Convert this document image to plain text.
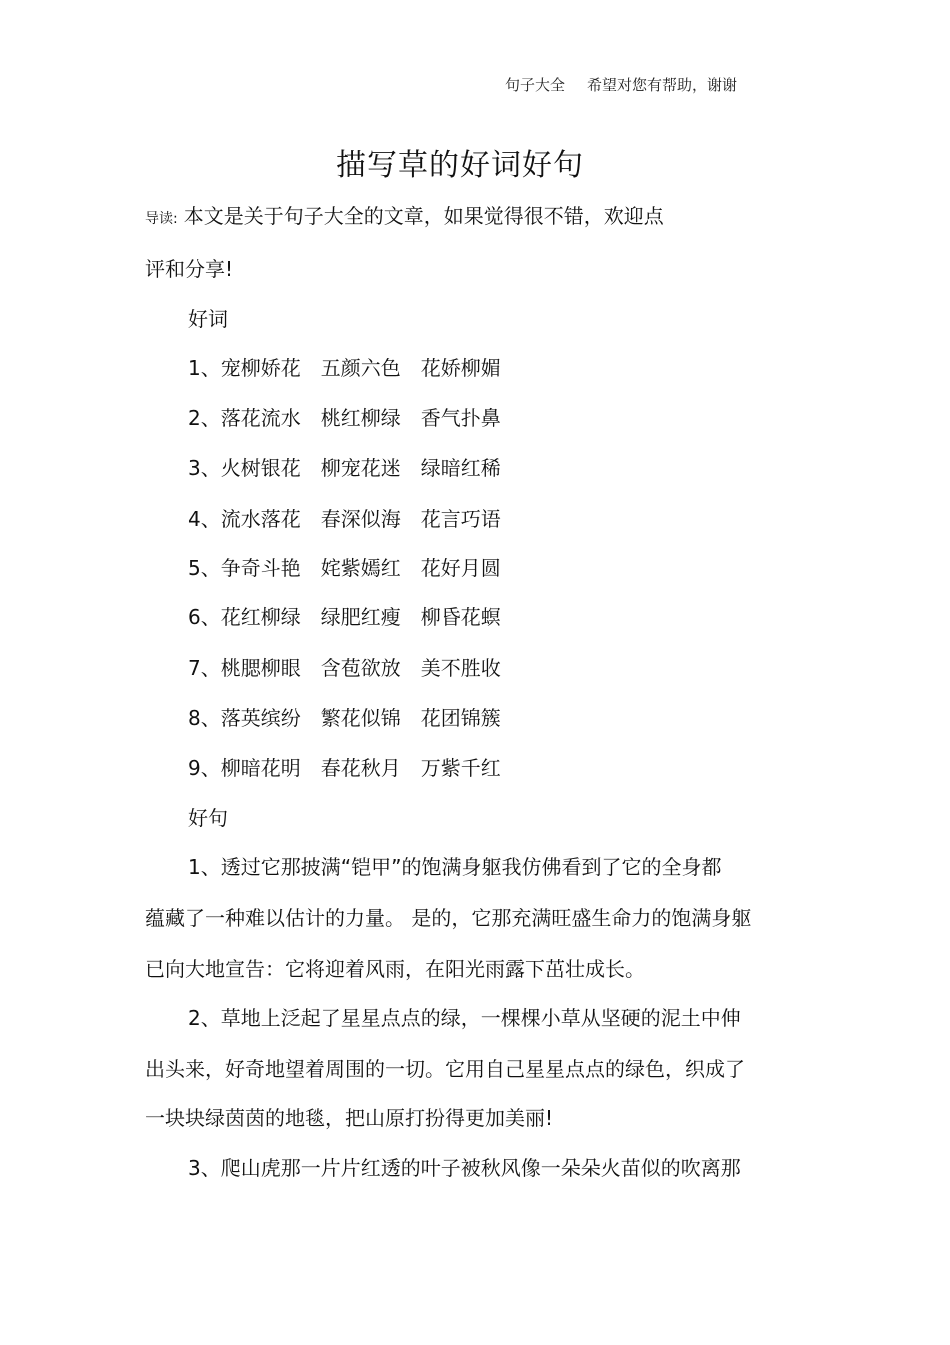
句子大全 希望对您有帮助，谢谢
描写草的好词好句
导读: 本文是关于句子大全的文章，如果觉得很不错，欢迎点
评和分享!
好词
1、宠柳娇花 五颜六色 花娇柳媚
2、落花流水 桃红柳绿 香气扑鼻
3、火树银花 柳宠花迷 绿暗红稀
4、流水落花 春深似海 花言巧语
5、争奇斗艳 姹紫嫣红 花好月圆
6、花红柳绿 绿肥红瘦 柳昏花螟
7、桃腮柳眼 含苞欲放 美不胜收
8、落英缤纷 繁花似锦 花团锦簇
9、柳暗花明 春花秋月 万紫千红
好句
1、透过它那披满“铠甲”的饱满身躯我仿佛看到了它的全身都
蕴藏了一种难以估计的力量。 是的，它那充满旺盛生命力的饱满身躯
已向大地宣告：它将迎着风雨，在阳光雨露下茁壮成长。
2、草地上泛起了星星点点的绿，一棵棵小草从坚硬的泥土中伸
出头来，好奇地望着周围的一切。它用自己星星点点的绿色，织成了
一块块绿茵茵的地毯，把山原打扮得更加美丽!
3、爬山虎那一片片红透的叶子被秋风像一朵朵火苗似的吹离那
